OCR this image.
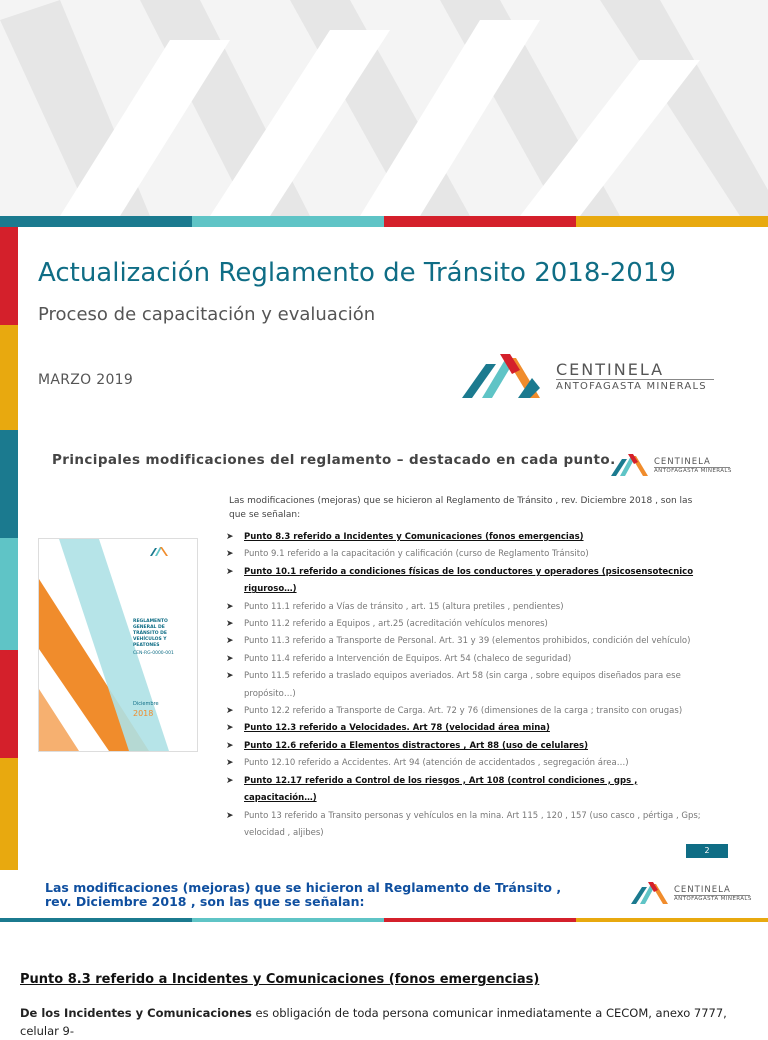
Actualización Reglamento de Tránsito 2018-2019
Proceso de capacitación y evaluación
MARZO 2019
CENTINELA
ANTOFAGASTA MINERALS
Principales modificaciones del reglamento – destacado en cada punto.	CENTINELA
ANTOFAGASTA MINERALS
Las modificaciones (mejoras) que se hicieron al Reglamento de Tránsito , rev. Diciembre 2018 , son las que se señalan:
REGLAMENTO GENERAL DE TRÁNSITO DE VEHÍCULOS Y PEATONES
CEN-RG-0000-001
Diciembre
2018
➤ Punto 8.3 referido a Incidentes y Comunicaciones (fonos emergencias)
➤ Punto 9.1 referido a la capacitación y calificación (curso de Reglamento Tránsito)
➤ Punto 10.1 referido a condiciones físicas de los conductores y operadores (psicosensotecnico riguroso…)
➤ Punto 11.1 referido a Vías de tránsito , art. 15 (altura pretiles , pendientes)
➤ Punto 11.2 referido a Equipos , art.25 (acreditación vehículos menores)
➤ Punto 11.3 referido a Transporte de Personal. Art. 31 y 39 (elementos prohibidos, condición del vehículo)
➤ Punto 11.4 referido a Intervención de Equipos. Art 54 (chaleco de seguridad)
➤ Punto 11.5 referido a traslado equipos averiados. Art 58 (sin carga , sobre equipos diseñados para ese propósito…)
➤ Punto 12.2 referido a Transporte de Carga. Art. 72 y 76 (dimensiones de la carga ; transito con orugas)
➤ Punto 12.3 referido a Velocidades. Art 78 (velocidad área mina)
➤ Punto 12.6 referido a Elementos distractores , Art 88 (uso de celulares)
➤ Punto 12.10 referido a Accidentes. Art 94 (atención de accidentados , segregación área…)
➤ Punto 12.17 referido a Control de los riesgos , Art 108 (control condiciones , gps , capacitación…)
➤ Punto 13 referido a Transito personas y vehículos en la mina. Art 115 , 120 , 157 (uso casco , pértiga , Gps; velocidad , aljibes)
2
Las modificaciones (mejoras) que se hicieron al Reglamento de Tránsito , rev. Diciembre 2018 , son las que se señalan:
CENTINELA
ANTOFAGASTA MINERALS
Punto 8.3 referido a Incidentes y Comunicaciones (fonos emergencias)
De los Incidentes y Comunicaciones es obligación de toda persona comunicar inmediatamente a CECOM, anexo 7777, celular 9-
